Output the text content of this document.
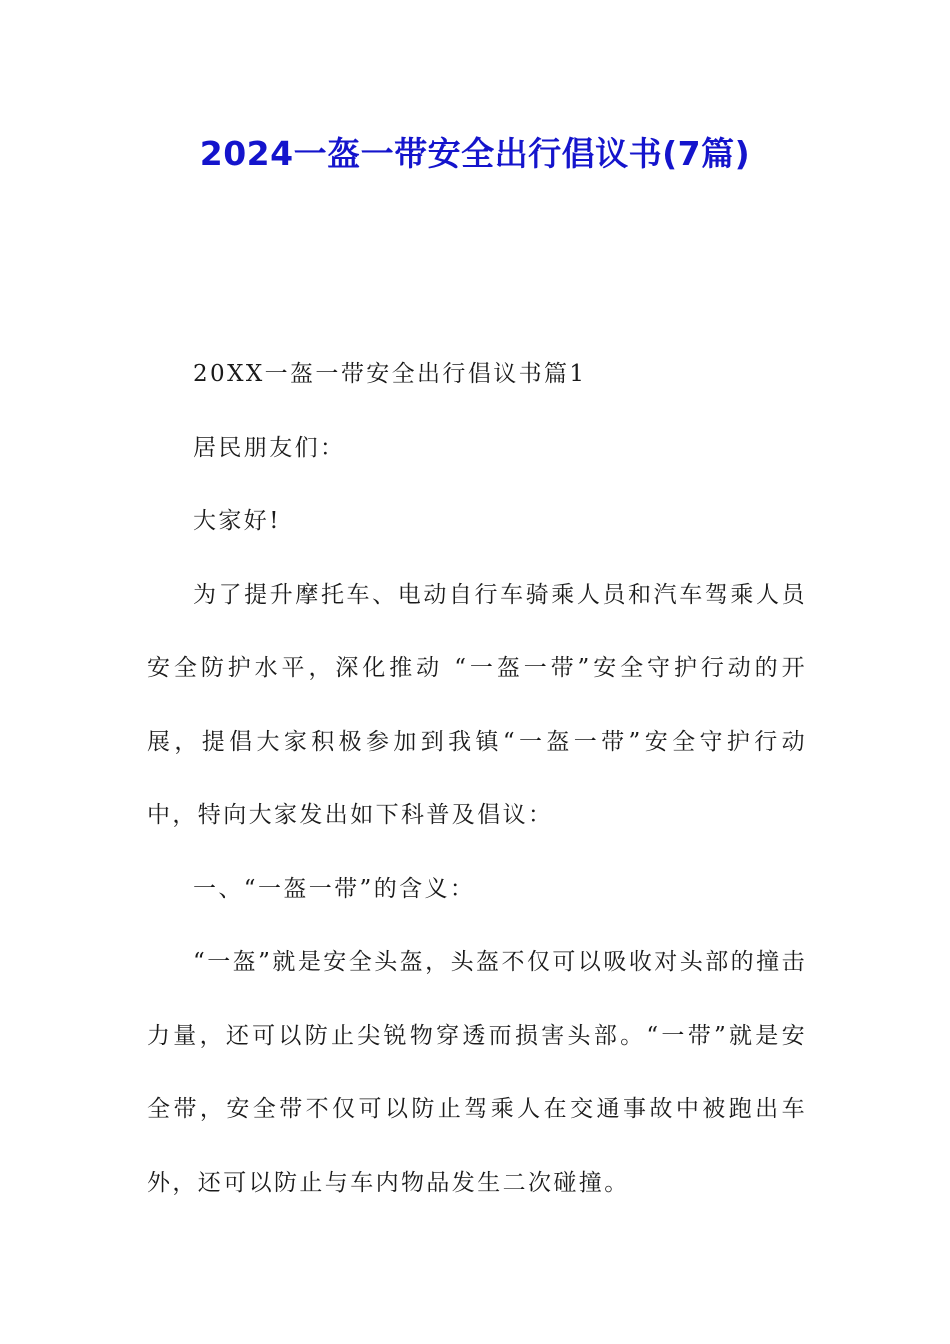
2024一盔一带安全出行倡议书(7篇)

20XX一盔一带安全出行倡议书篇1

居民朋友们：

大家好!

为了提升摩托车、电动自行车骑乘人员和汽车驾乘人员安全防护水平，深化推动 “一盔一带”安全守护行动的开展，提倡大家积极参加到我镇“一盔一带”安全守护行动中，特向大家发出如下科普及倡议：

一、“一盔一带”的含义：

“一盔”就是安全头盔，头盔不仅可以吸收对头部的撞击力量，还可以防止尖锐物穿透而损害头部。“一带”就是安全带，安全带不仅可以防止驾乘人在交通事故中被跑出车外，还可以防止与车内物品发生二次碰撞。
